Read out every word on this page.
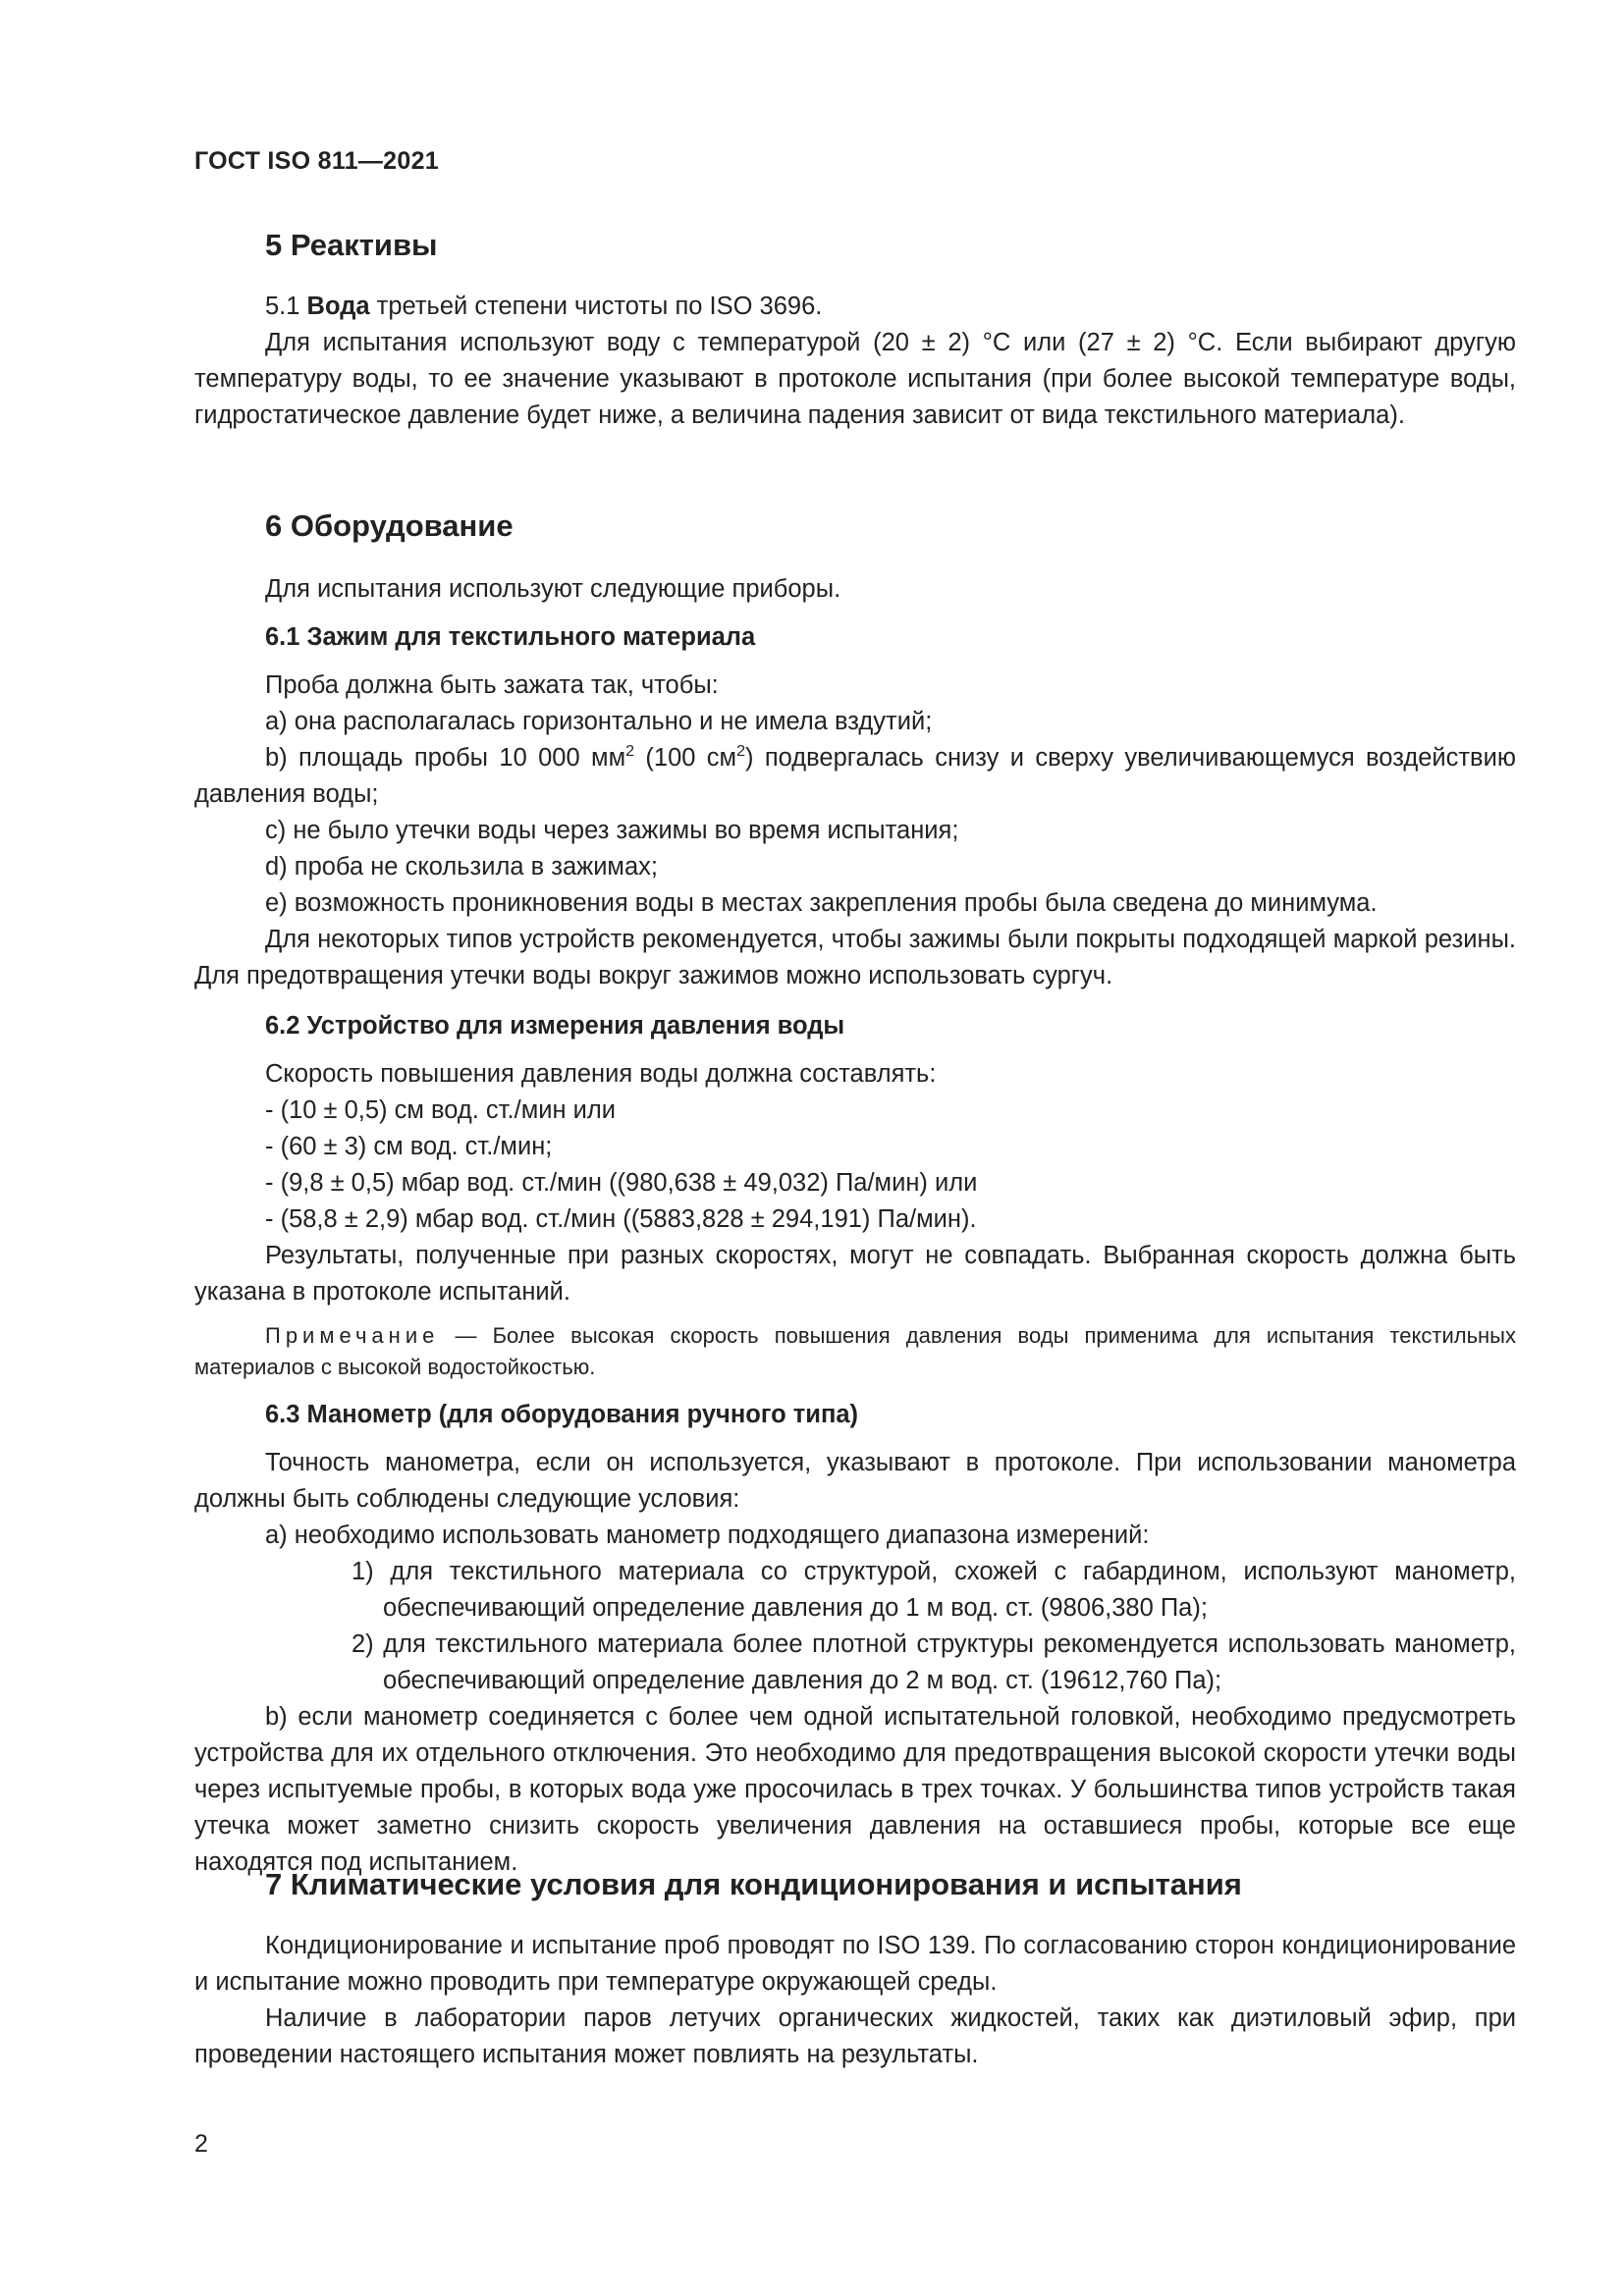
ГОСТ ISO 811—2021
5 Реактивы

5.1 Вода третьей степени чистоты по ISO 3696.

Для испытания используют воду с температурой (20 ± 2) °С или (27 ± 2) °С. Если выбирают другую температуру воды, то ее значение указывают в протоколе испытания (при более высокой температуре воды, гидростатическое давление будет ниже, а величина падения зависит от вида текстильного материала).

6 Оборудование

Для испытания используют следующие приборы.

6.1 Зажим для текстильного материала

Проба должна быть зажата так, чтобы:

a) она располагалась горизонтально и не имела вздутий;

b) площадь пробы 10 000 $мм^2$ (100 $см^2$) подвергалась снизу и сверху увеличивающемуся воздействию давления воды;

c) не было утечки воды через зажимы во время испытания;

d) проба не скользила в зажимах;

e) возможность проникновения воды в местах закрепления пробы была сведена до минимума.

Для некоторых типов устройств рекомендуется, чтобы зажимы были покрыты подходящей маркой резины. Для предотвращения утечки воды вокруг зажимов можно использовать сургуч.

6.2 Устройство для измерения давления воды

Скорость повышения давления воды должна составлять:

- (10 ± 0,5) см вод. ст./мин или

- (60 ± 3) см вод. ст./мин;

- (9,8 ± 0,5) мбар вод. ст./мин ((980,638 ± 49,032) Па/мин) или

- (58,8 ± 2,9) мбар вод. ст./мин ((5883,828 ± 294,191) Па/мин).

Результаты, полученные при разных скоростях, могут не совпадать. Выбранная скорость должна быть указана в протоколе испытаний.

Примечание — Более высокая скорость повышения давления воды применима для испытания текстильных материалов с высокой водостойкостью.

6.3 Манометр (для оборудования ручного типа)

Точность манометра, если он используется, указывают в протоколе. При использовании манометра должны быть соблюдены следующие условия:

a) необходимо использовать манометр подходящего диапазона измерений:

1) для текстильного материала со структурой, схожей с габардином, используют манометр, обеспечивающий определение давления до 1 м вод. ст. (9806,380 Па);

2) для текстильного материала более плотной структуры рекомендуется использовать манометр, обеспечивающий определение давления до 2 м вод. ст. (19612,760 Па);

b) если манометр соединяется с более чем одной испытательной головкой, необходимо предусмотреть устройства для их отдельного отключения. Это необходимо для предотвращения высокой скорости утечки воды через испытуемые пробы, в которых вода уже просочилась в трех точках. У большинства типов устройств такая утечка может заметно снизить скорость увеличения давления на оставшиеся пробы, которые все еще находятся под испытанием.

7 Климатические условия для кондиционирования и испытания

Кондиционирование и испытание проб проводят по ISO 139. По согласованию сторон кондиционирование и испытание можно проводить при температуре окружающей среды.

Наличие в лаборатории паров летучих органических жидкостей, таких как диэтиловый эфир, при проведении настоящего испытания может повлиять на результаты.

2
